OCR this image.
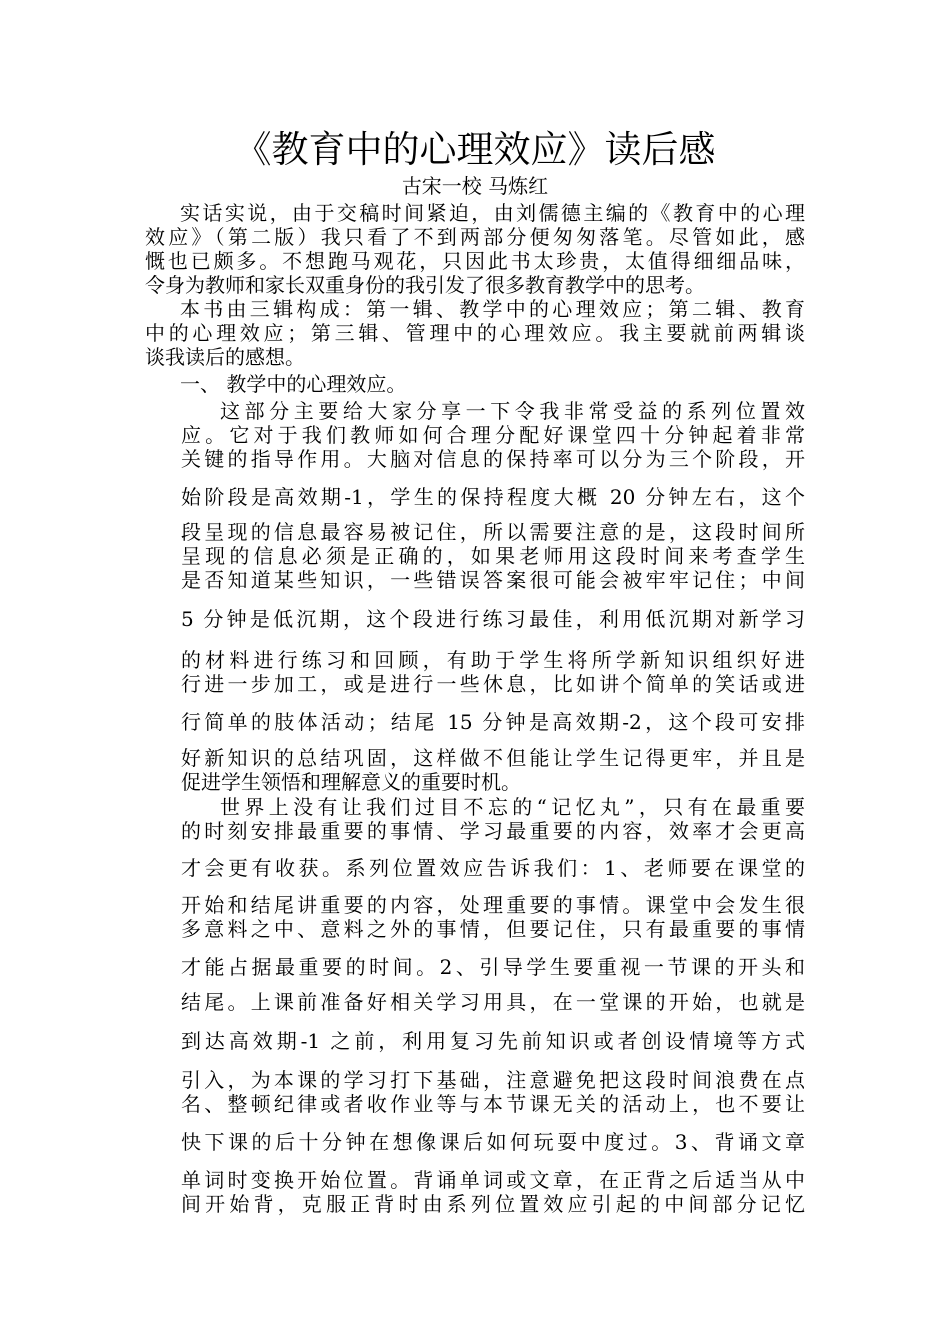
《教育中的心理效应》读后感
古宋一校 马炼红
实话实说，由于交稿时间紧迫，由刘儒德主编的《教育中的心理
效应》（第二版）我只看了不到两部分便匆匆落笔。尽管如此，感
慨也已颇多。不想跑马观花，只因此书太珍贵，太值得细细品味，
令身为教师和家长双重身份的我引发了很多教育教学中的思考。
本书由三辑构成：第一辑、教学中的心理效应；第二辑、教育
中的心理效应；第三辑、管理中的心理效应。我主要就前两辑谈
谈我读后的感想。
一、 教学中的心理效应。
这部分主要给大家分享一下令我非常受益的系列位置效
应。它对于我们教师如何合理分配好课堂四十分钟起着非常
关键的指导作用。大脑对信息的保持率可以分为三个阶段，开
始阶段是高效期-1，学生的保持程度大概 20 分钟左右，这个
段呈现的信息最容易被记住，所以需要注意的是，这段时间所
呈现的信息必须是正确的，如果老师用这段时间来考查学生
是否知道某些知识，一些错误答案很可能会被牢牢记住；中间
5 分钟是低沉期，这个段进行练习最佳，利用低沉期对新学习
的材料进行练习和回顾，有助于学生将所学新知识组织好进
行进一步加工，或是进行一些休息，比如讲个简单的笑话或进
行简单的肢体活动；结尾 15 分钟是高效期-2，这个段可安排
好新知识的总结巩固，这样做不但能让学生记得更牢，并且是
促进学生领悟和理解意义的重要时机。
世界上没有让我们过目不忘的“记忆丸”，只有在最重要
的时刻安排最重要的事情、学习最重要的内容，效率才会更高
才会更有收获。系列位置效应告诉我们：1、老师要在课堂的
开始和结尾讲重要的内容，处理重要的事情。课堂中会发生很
多意料之中、意料之外的事情，但要记住，只有最重要的事情
才能占据最重要的时间。2、引导学生要重视一节课的开头和
结尾。上课前准备好相关学习用具，在一堂课的开始，也就是
到达高效期-1 之前，利用复习先前知识或者创设情境等方式
引入，为本课的学习打下基础，注意避免把这段时间浪费在点
名、整顿纪律或者收作业等与本节课无关的活动上，也不要让
快下课的后十分钟在想像课后如何玩耍中度过。3、背诵文章
单词时变换开始位置。背诵单词或文章，在正背之后适当从中
间开始背，克服正背时由系列位置效应引起的中间部分记忆
